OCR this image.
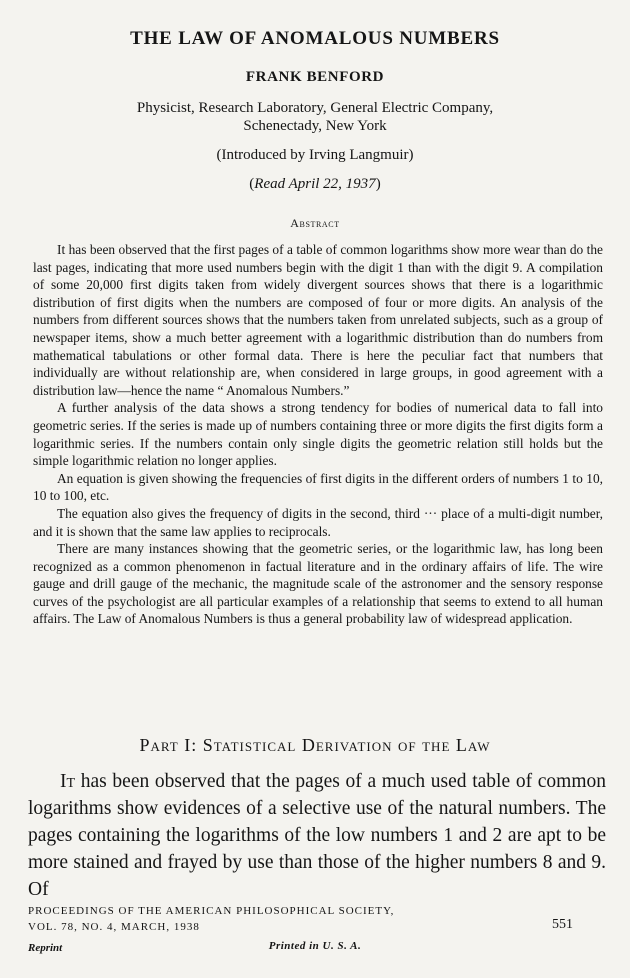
THE LAW OF ANOMALOUS NUMBERS
FRANK BENFORD
Physicist, Research Laboratory, General Electric Company,
Schenectady, New York
(Introduced by Irving Langmuir)
(Read April 22, 1937)
Abstract

It has been observed that the first pages of a table of common logarithms show more wear than do the last pages, indicating that more used numbers begin with the digit 1 than with the digit 9. A compilation of some 20,000 first digits taken from widely divergent sources shows that there is a logarithmic distribution of first digits when the numbers are composed of four or more digits. An analysis of the numbers from different sources shows that the numbers taken from unrelated subjects, such as a group of newspaper items, show a much better agreement with a logarithmic distribution than do numbers from mathematical tabulations or other formal data. There is here the peculiar fact that numbers that individually are without relationship are, when considered in large groups, in good agreement with a distribution law—hence the name “ Anomalous Numbers.”

A further analysis of the data shows a strong tendency for bodies of numerical data to fall into geometric series. If the series is made up of numbers containing three or more digits the first digits form a logarithmic series. If the numbers contain only single digits the geometric relation still holds but the simple logarithmic relation no longer applies.

An equation is given showing the frequencies of first digits in the different orders of numbers 1 to 10, 10 to 100, etc.

The equation also gives the frequency of digits in the second, third ··· place of a multi-digit number, and it is shown that the same law applies to reciprocals.

There are many instances showing that the geometric series, or the logarithmic law, has long been recognized as a common phenomenon in factual literature and in the ordinary affairs of life. The wire gauge and drill gauge of the mechanic, the magnitude scale of the astronomer and the sensory response curves of the psychologist are all particular examples of a relationship that seems to extend to all human affairs. The Law of Anomalous Numbers is thus a general probability law of widespread application.

Part I: Statistical Derivation of the Law

It has been observed that the pages of a much used table of common logarithms show evidences of a selective use of the natural numbers. The pages containing the logarithms of the low numbers 1 and 2 are apt to be more stained and frayed by use than those of the higher numbers 8 and 9. Of

PROCEEDINGS OF THE AMERICAN PHILOSOPHICAL SOCIETY,
VOL. 78, NO. 4, MARCH, 1938	551
Reprint	Printed in U. S. A.
